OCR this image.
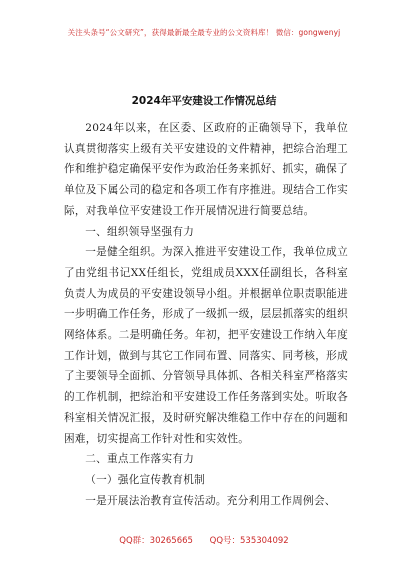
关注头条号“公文研究”，获得最新最全最专业的公文资料库！ 微信：gongwenyj
2024年平安建设工作情况总结

2024年以来，在区委、区政府的正确领导下，我单位认真贯彻落实上级有关平安建设的文件精神，把综合治理工作和维护稳定确保平安作为政治任务来抓好、抓实，确保了单位及下属公司的稳定和各项工作有序推进。现结合工作实际，对我单位平安建设工作开展情况进行简要总结。

一、组织领导坚强有力

一是健全组织。为深入推进平安建设工作，我单位成立了由党组书记XX任组长，党组成员XXX任副组长，各科室负责人为成员的平安建设领导小组。并根据单位职责职能进一步明确工作任务，形成了一级抓一级，层层抓落实的组织网络体系。二是明确任务。年初，把平安建设工作纳入年度工作计划，做到与其它工作同布置、同落实、同考核，形成了主要领导全面抓、分管领导具体抓、各相关科室严格落实的工作机制，把综治和平安建设工作任务落到实处。听取各科室相关情况汇报，及时研究解决维稳工作中存在的问题和困难，切实提高工作针对性和实效性。

二、重点工作落实有力

（一）强化宣传教育机制

一是开展法治教育宣传活动。充分利用工作周例会、

QQ群：30265665 QQ号：535304092
